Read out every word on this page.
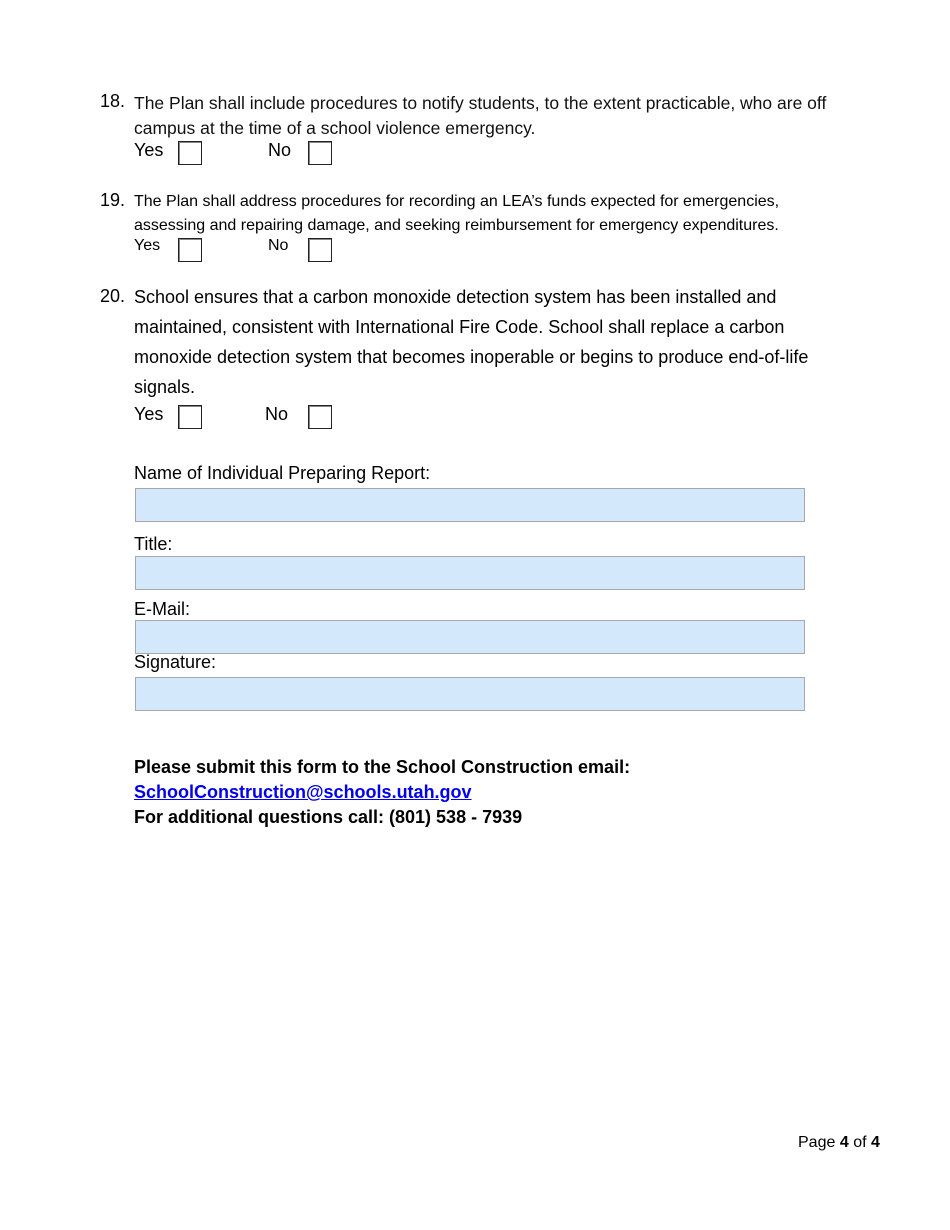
18. The Plan shall include procedures to notify students, to the extent practicable, who are off campus at the time of a school violence emergency.
Yes	No
19. The Plan shall address procedures for recording an LEA’s funds expected for emergencies, assessing and repairing damage, and seeking reimbursement for emergency expenditures.
Yes	No
20. School ensures that a carbon monoxide detection system has been installed and maintained, consistent with International Fire Code. School shall replace a carbon monoxide detection system that becomes inoperable or begins to produce end-of-life signals.
Yes	No
Name of Individual Preparing Report:
Title:
E-Mail:
Signature:
Please submit this form to the School Construction email:
SchoolConstruction@schools.utah.gov
For additional questions call: (801) 538 - 7939
Page 4 of 4
